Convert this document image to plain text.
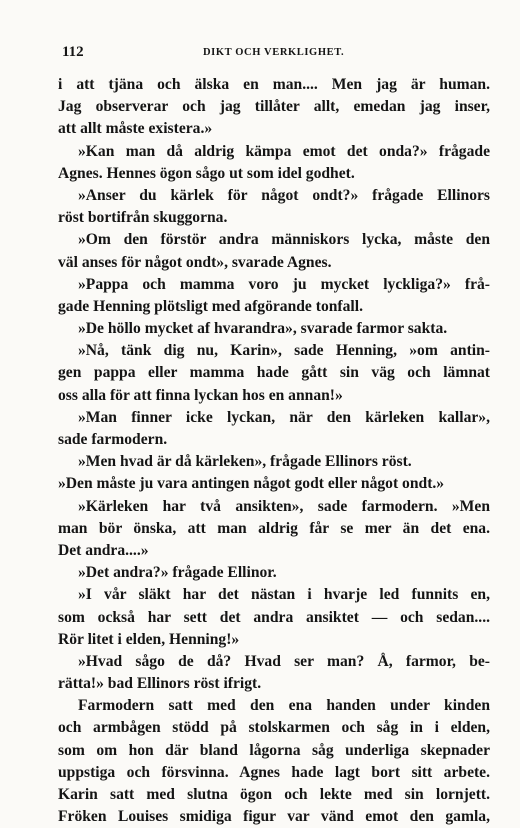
112	DIKT OCH VERKLIGHET.
i att tjäna och älska en man.... Men jag är human.
Jag observerar och jag tillåter allt, emedan jag inser,
att allt måste existera.»
»Kan man då aldrig kämpa emot det onda?» frågade
Agnes. Hennes ögon sågo ut som idel godhet.
»Anser du kärlek för något ondt?» frågade Ellinors
röst bortifrån skuggorna.
»Om den förstör andra människors lycka, måste den
väl anses för något ondt», svarade Agnes.
»Pappa och mamma voro ju mycket lyckliga?» frå-
gade Henning plötsligt med afgörande tonfall.
»De höllo mycket af hvarandra», svarade farmor sakta.
»Nå, tänk dig nu, Karin», sade Henning, »om antin-
gen pappa eller mamma hade gått sin väg och lämnat
oss alla för att finna lyckan hos en annan!»
»Man finner icke lyckan, när den kärleken kallar»,
sade farmodern.
»Men hvad är då kärleken», frågade Ellinors röst.
»Den måste ju vara antingen något godt eller något ondt.»
»Kärleken har två ansikten», sade farmodern. »Men
man bör önska, att man aldrig får se mer än det ena.
Det andra....»
»Det andra?» frågade Ellinor.
»I vår släkt har det nästan i hvarje led funnits en,
som också har sett det andra ansiktet — och sedan....
Rör litet i elden, Henning!»
»Hvad sågo de då? Hvad ser man? Å, farmor, be-
rätta!» bad Ellinors röst ifrigt.
Farmodern satt med den ena handen under kinden
och armbågen stödd på stolskarmen och såg in i elden,
som om hon där bland lågorna såg underliga skepnader
uppstiga och försvinna. Agnes hade lagt bort sitt arbete.
Karin satt med slutna ögon och lekte med sin lornjett.
Fröken Louises smidiga figur var vänd emot den gamla,
